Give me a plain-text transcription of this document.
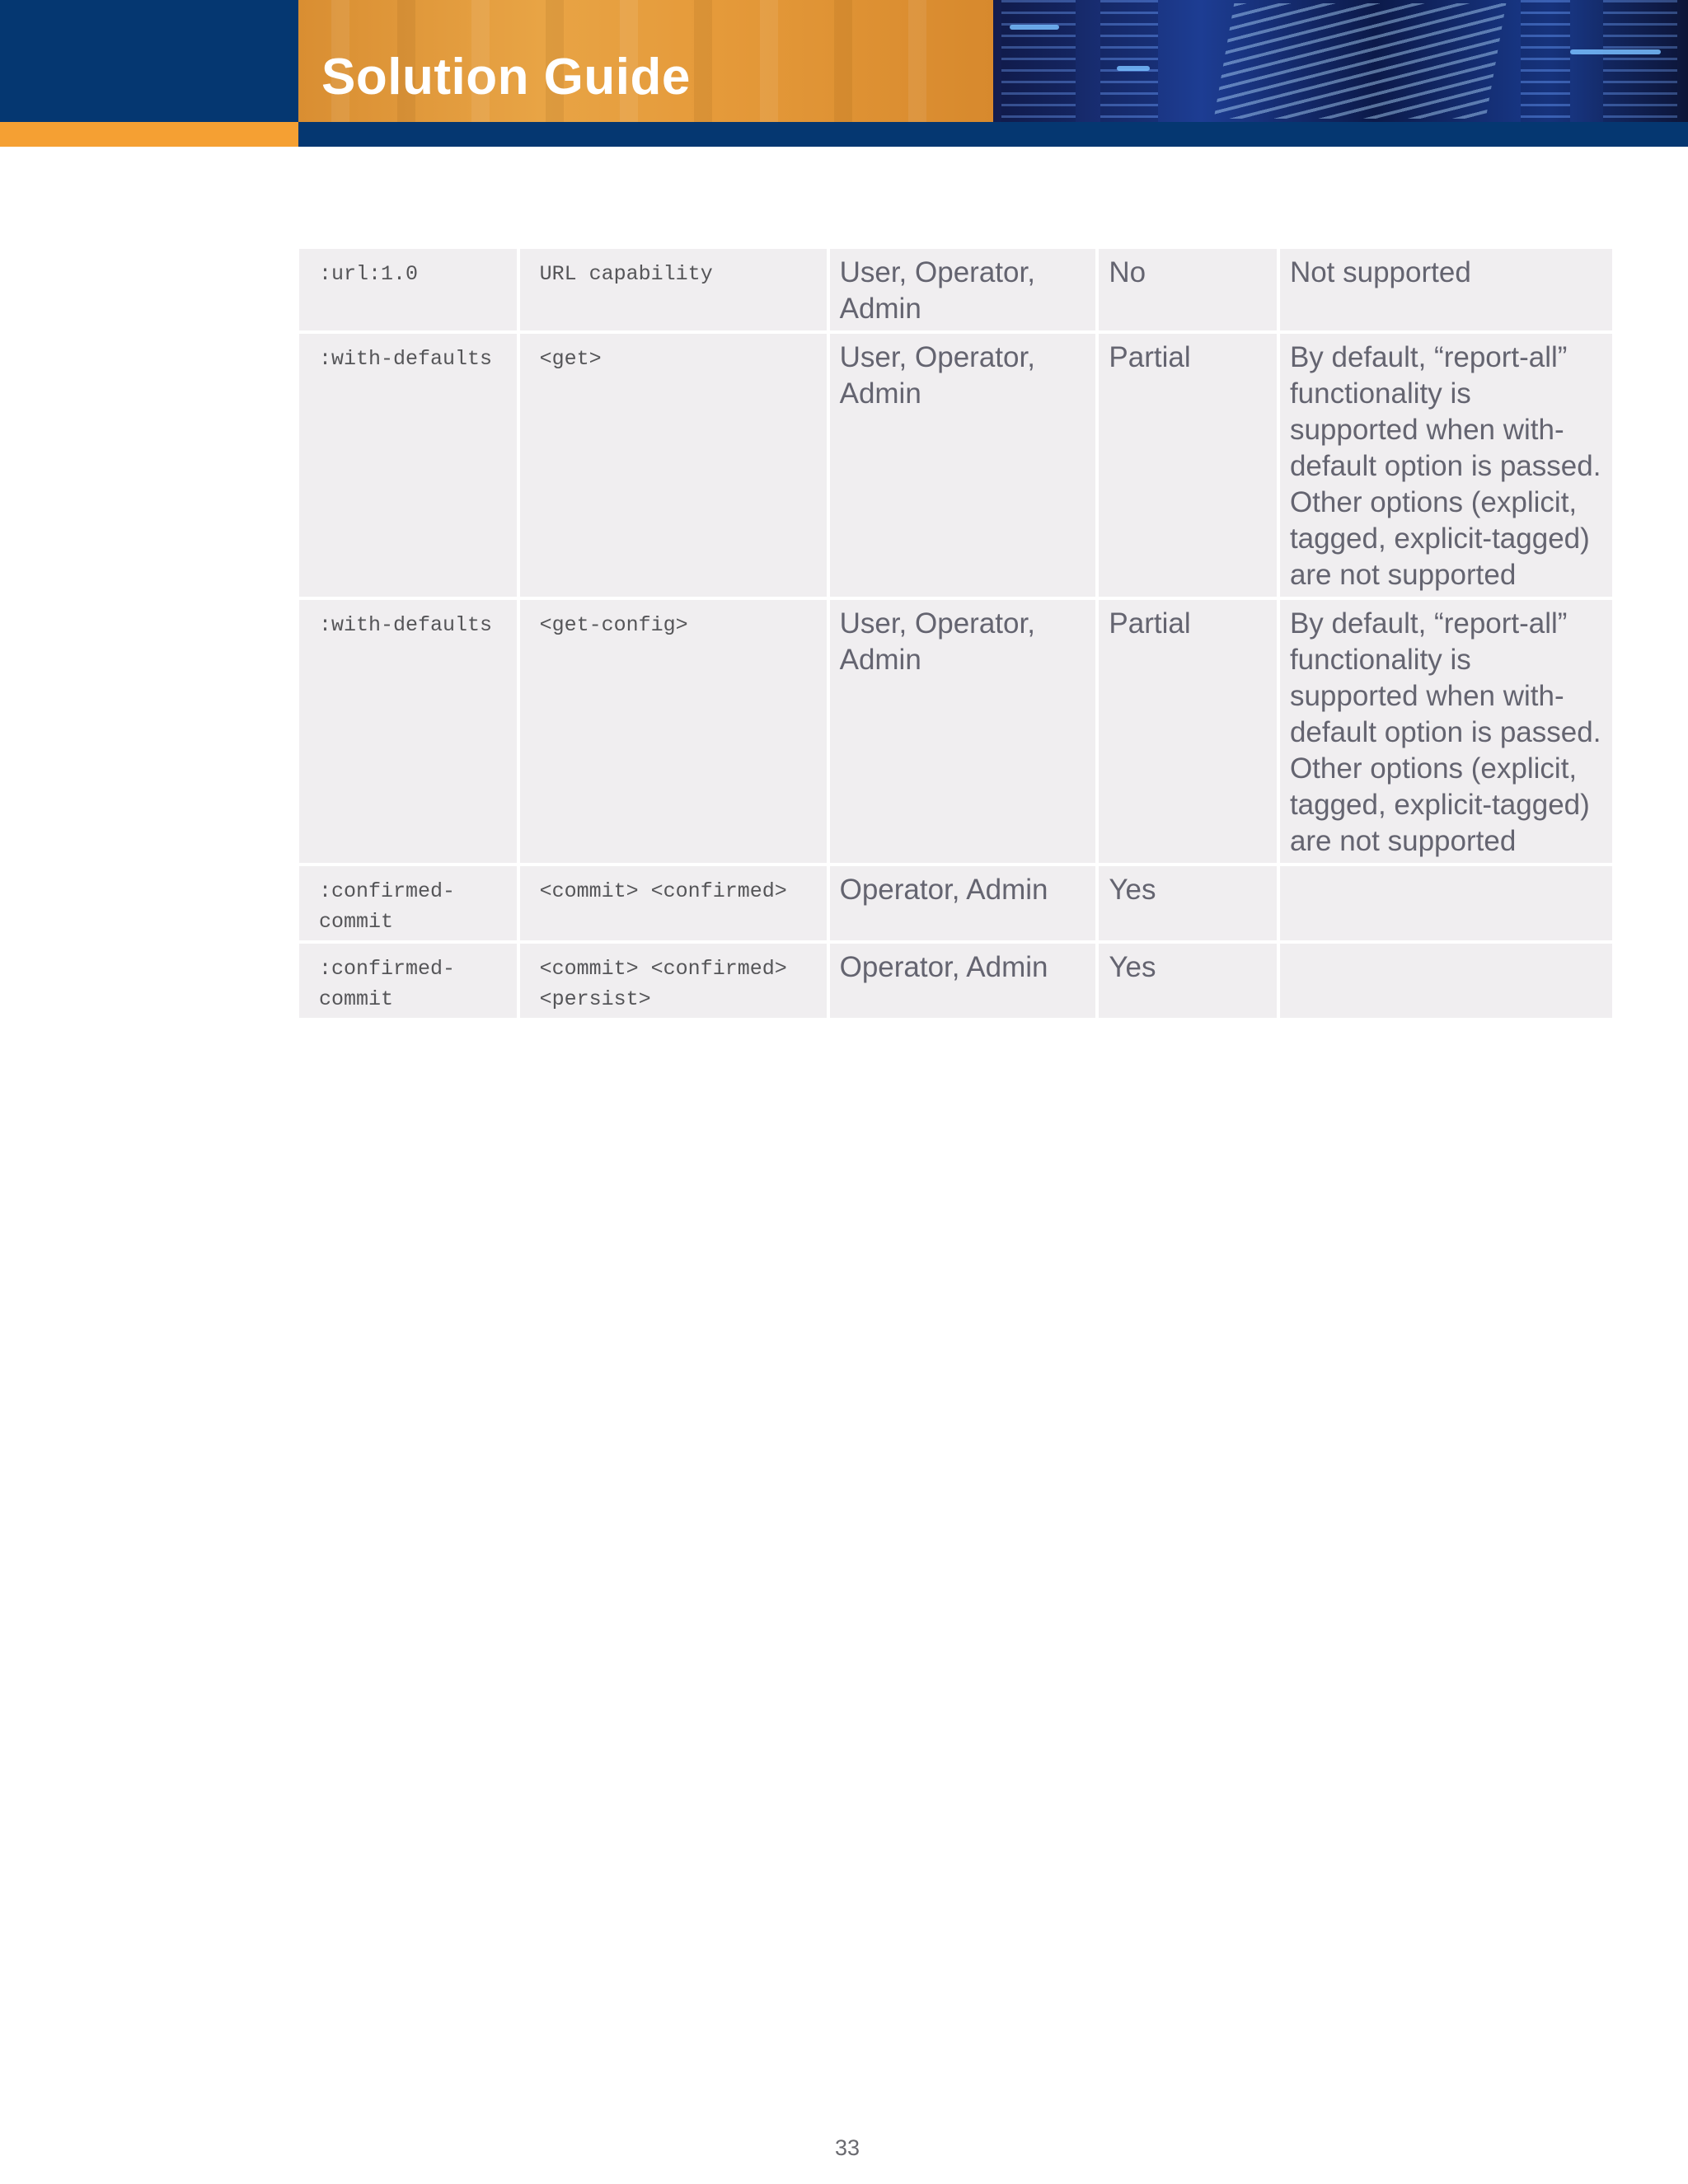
Solution Guide
:url:1.0	URL capability	User, Operator, Admin	No	Not supported

:with-defaults	<get>	User, Operator, Admin	Partial	By default, “report-all” functionality is supported when with-default option is passed. Other options (explicit, tagged, explicit-tagged) are not supported

:with-defaults	<get-config>	User, Operator, Admin	Partial	By default, “report-all” functionality is supported when with-default option is passed. Other options (explicit, tagged, explicit-tagged) are not supported

:confirmed-commit	<commit> <confirmed>	Operator, Admin	Yes	

:confirmed-commit	<commit> <confirmed> <persist>	Operator, Admin	Yes	

33
